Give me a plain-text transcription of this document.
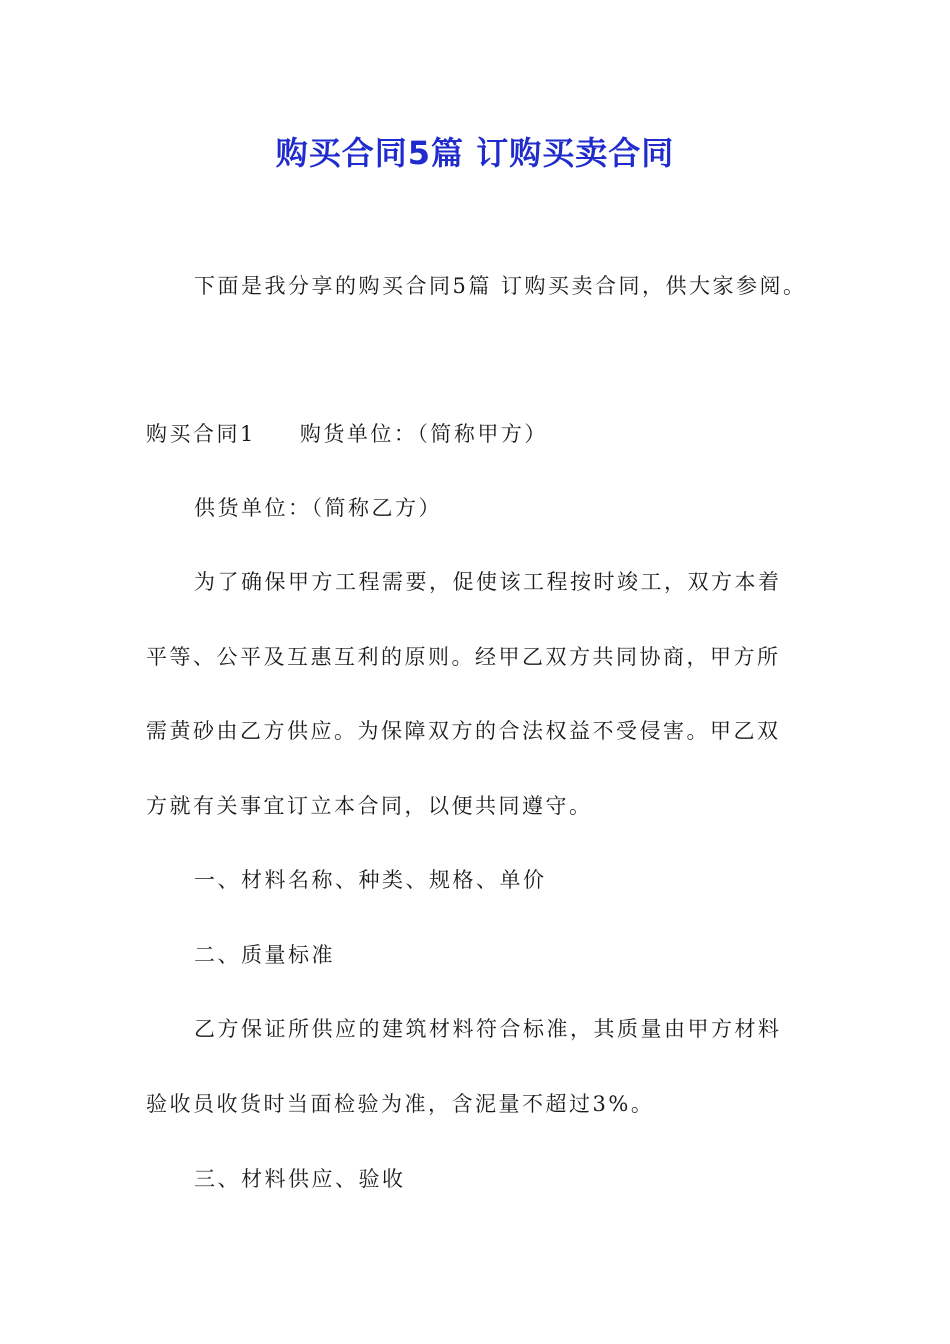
购买合同5篇 订购买卖合同

下面是我分享的购买合同5篇 订购买卖合同，供大家参阅。

购买合同1 购货单位：（简称甲方）

供货单位：（简称乙方）

为了确保甲方工程需要，促使该工程按时竣工，双方本着

平等、公平及互惠互利的原则。经甲乙双方共同协商，甲方所

需黄砂由乙方供应。为保障双方的合法权益不受侵害。甲乙双

方就有关事宜订立本合同，以便共同遵守。

一、材料名称、种类、规格、单价

二、质量标准

乙方保证所供应的建筑材料符合标准，其质量由甲方材料

验收员收货时当面检验为准，含泥量不超过3%。

三、材料供应、验收
